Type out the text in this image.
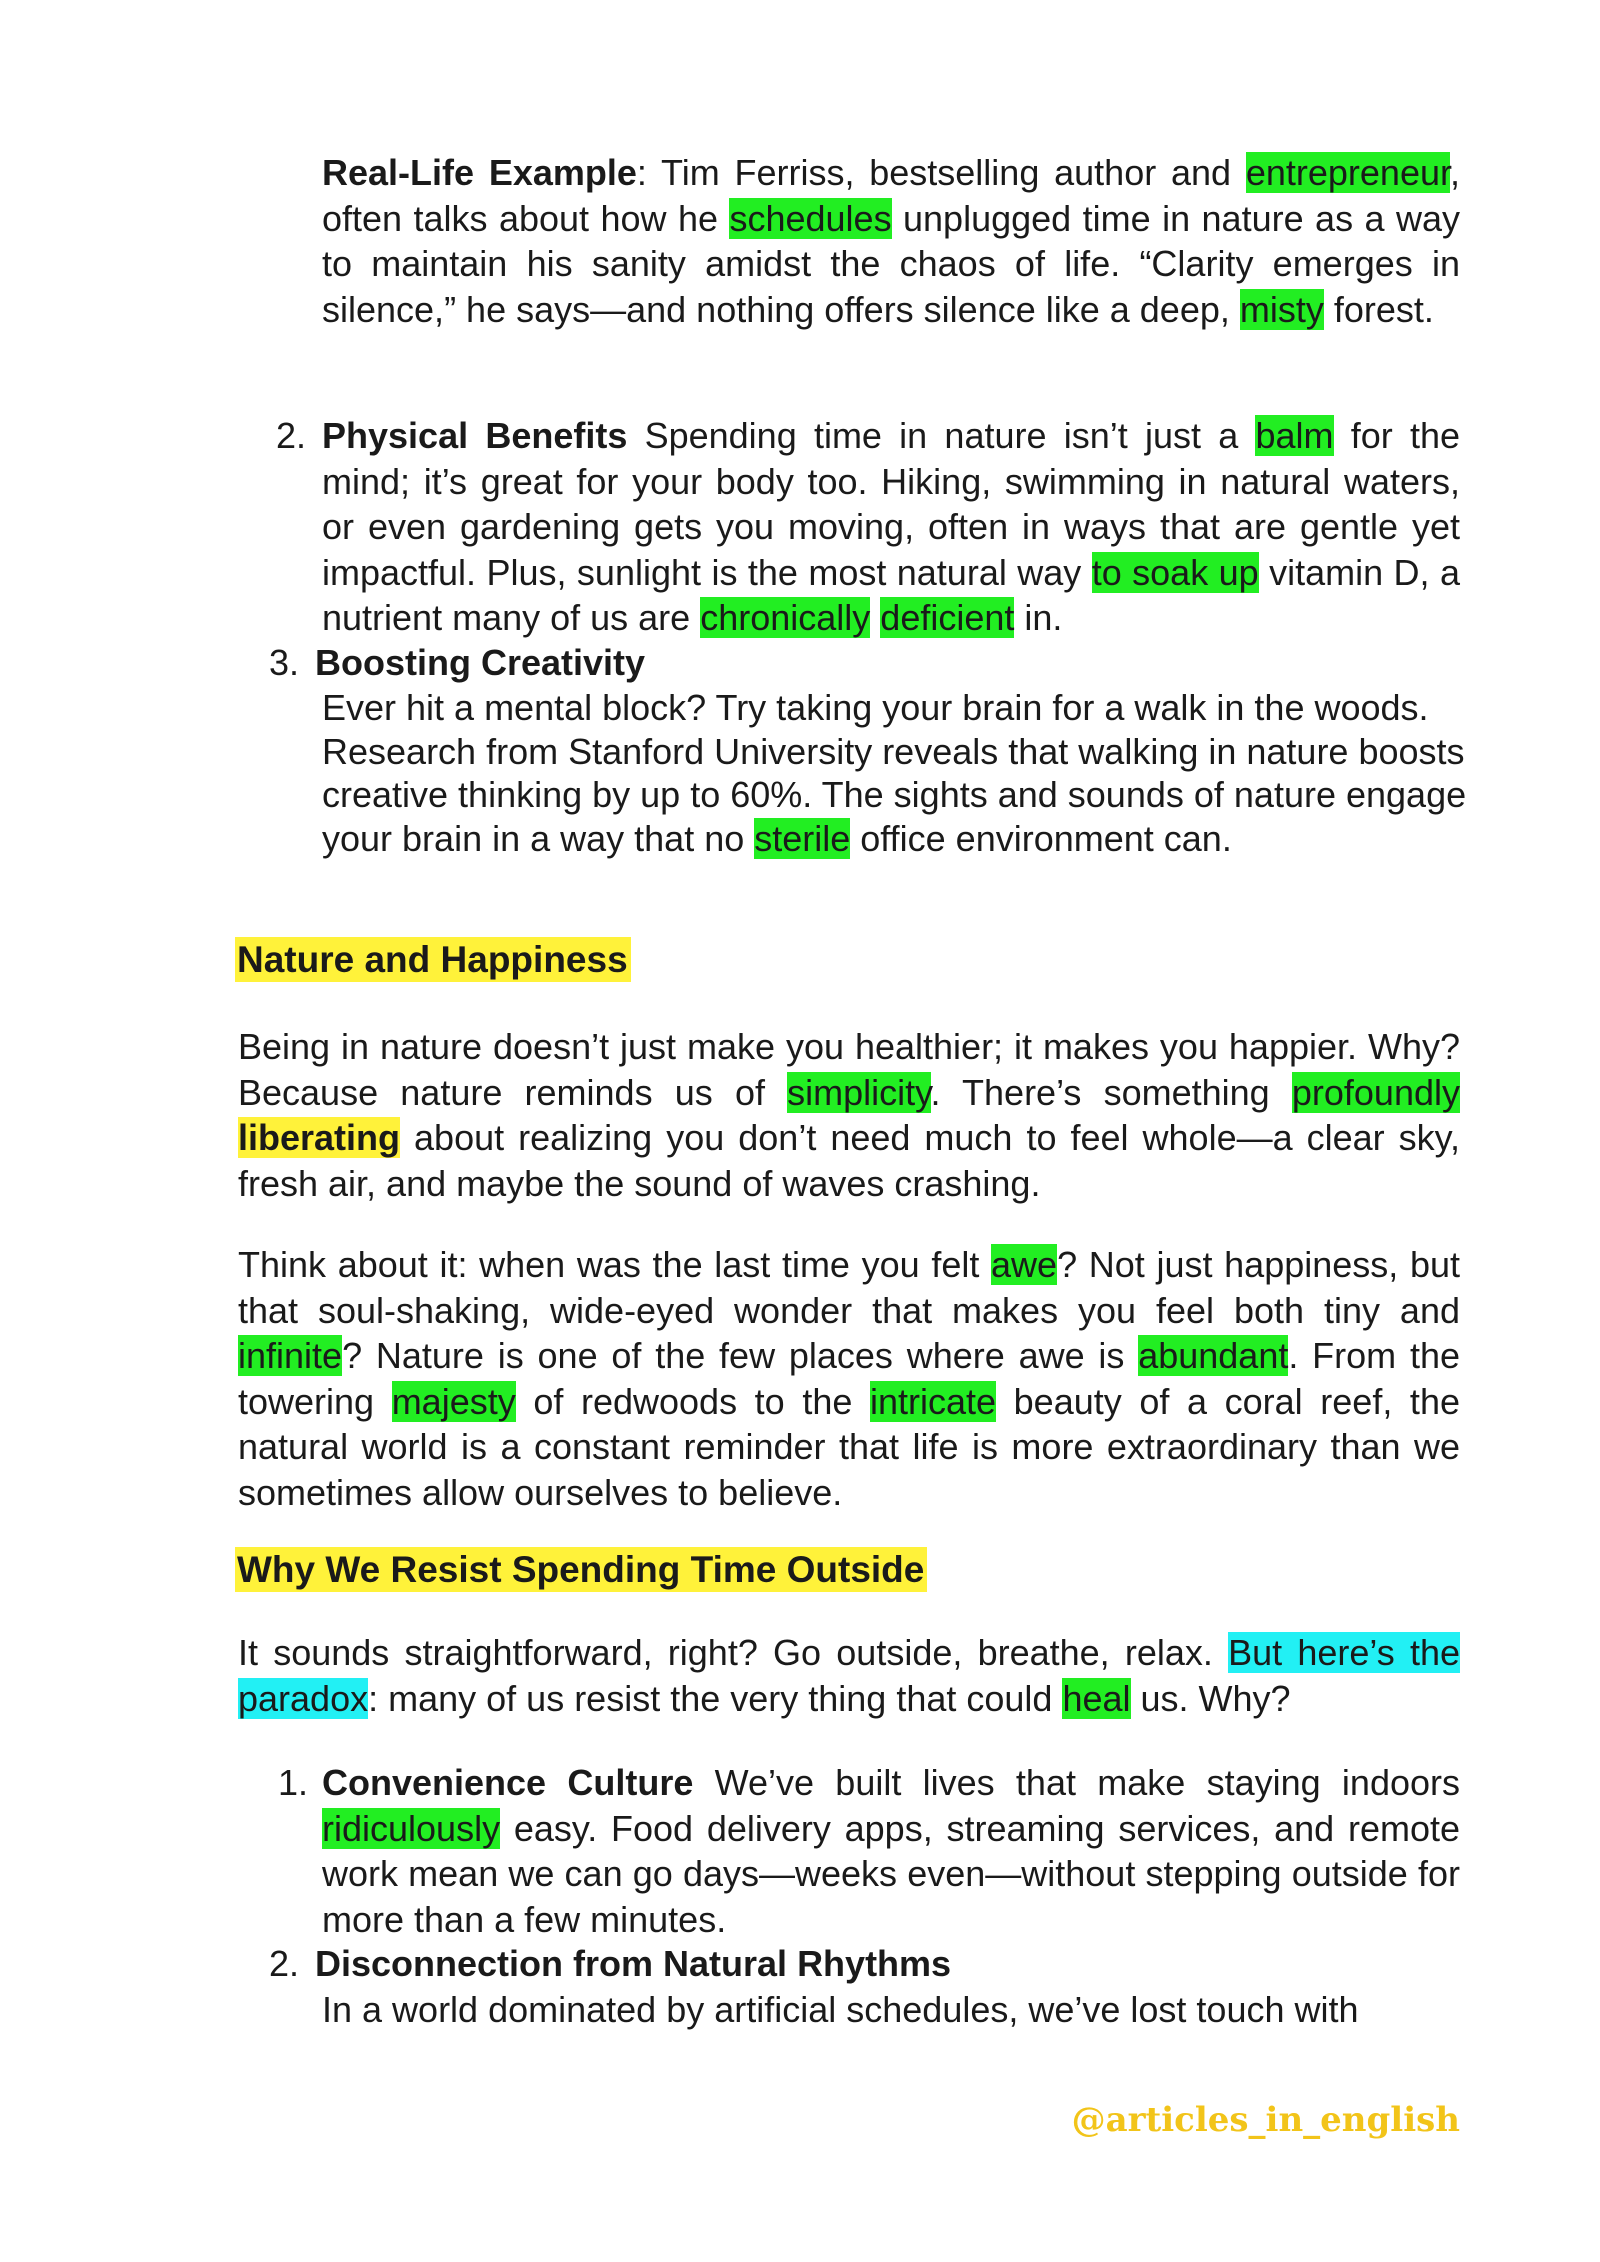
Real-Life Example: Tim Ferriss, bestselling author and entrepreneur, often talks about how he schedules unplugged time in nature as a way to maintain his sanity amidst the chaos of life. “Clarity emerges in silence,” he says—and nothing offers silence like a deep, misty forest.

2. Physical Benefits Spending time in nature isn’t just a balm for the mind; it’s great for your body too. Hiking, swimming in natural waters, or even gardening gets you moving, often in ways that are gentle yet impactful. Plus, sunlight is the most natural way to soak up vitamin D, a nutrient many of us are chronically deficient in.

3. Boosting Creativity

Ever hit a mental block? Try taking your brain for a walk in the woods. Research from Stanford University reveals that walking in nature boosts creative thinking by up to 60%. The sights and sounds of nature engage your brain in a way that no sterile office environment can.

Nature and Happiness

Being in nature doesn’t just make you healthier; it makes you happier. Why? Because nature reminds us of simplicity. There’s something profoundly liberating about realizing you don’t need much to feel whole—a clear sky, fresh air, and maybe the sound of waves crashing.

Think about it: when was the last time you felt awe? Not just happiness, but that soul-shaking, wide-eyed wonder that makes you feel both tiny and infinite? Nature is one of the few places where awe is abundant. From the towering majesty of redwoods to the intricate beauty of a coral reef, the natural world is a constant reminder that life is more extraordinary than we sometimes allow ourselves to believe.

Why We Resist Spending Time Outside

It sounds straightforward, right? Go outside, breathe, relax. But here’s the paradox: many of us resist the very thing that could heal us. Why?

1. Convenience Culture We’ve built lives that make staying indoors ridiculously easy. Food delivery apps, streaming services, and remote work mean we can go days—weeks even—without stepping outside for more than a few minutes.

2. Disconnection from Natural Rhythms

In a world dominated by artificial schedules, we’ve lost touch with

@articles_in_english
